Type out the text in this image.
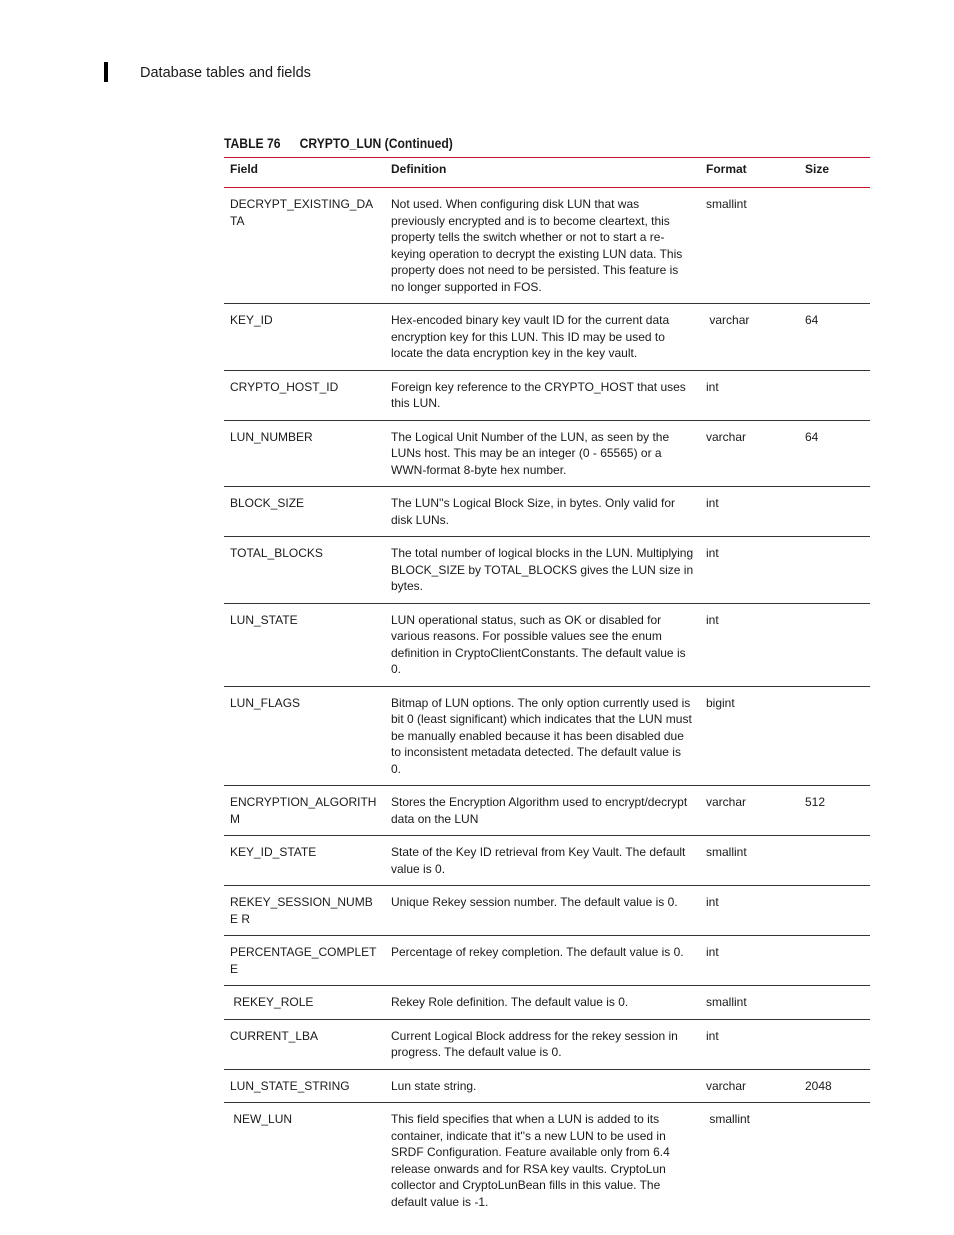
Database tables and fields
TABLE 76 CRYPTO_LUN (Continued)
Field	Definition	Format	Size
DECRYPT_EXISTING_DATA	Not used. When configuring disk LUN that was previously encrypted and is to become cleartext, this property tells the switch whether or not to start a re-keying operation to decrypt the existing LUN data. This property does not need to be persisted. This feature is no longer supported in FOS.	smallint	
KEY_ID	Hex-encoded binary key vault ID for the current data encryption key for this LUN. This ID may be used to locate the data encryption key in the key vault.	varchar	64
CRYPTO_HOST_ID	Foreign key reference to the CRYPTO_HOST that uses this LUN.	int	
LUN_NUMBER	The Logical Unit Number of the LUN, as seen by the LUNs host. This may be an integer (0 - 65565) or a WWN-format 8-byte hex number.	varchar	64
BLOCK_SIZE	The LUN''s Logical Block Size, in bytes. Only valid for disk LUNs.	int	
TOTAL_BLOCKS	The total number of logical blocks in the LUN. Multiplying BLOCK_SIZE by TOTAL_BLOCKS gives the LUN size in bytes.	int	
LUN_STATE	LUN operational status, such as OK or disabled for various reasons. For possible values see the enum definition in CryptoClientConstants. The default value is 0.	int	
LUN_FLAGS	Bitmap of LUN options. The only option currently used is bit 0 (least significant) which indicates that the LUN must be manually enabled because it has been disabled due to inconsistent metadata detected. The default value is 0.	bigint	
ENCRYPTION_ALGORITHM	Stores the Encryption Algorithm used to encrypt/decrypt data on the LUN	varchar	512
KEY_ID_STATE	State of the Key ID retrieval from Key Vault. The default value is 0.	smallint	
REKEY_SESSION_NUMBE R	Unique Rekey session number. The default value is 0.	int	
PERCENTAGE_COMPLETE	Percentage of rekey completion. The default value is 0.	int	
REKEY_ROLE	Rekey Role definition. The default value is 0.	smallint	
CURRENT_LBA	Current Logical Block address for the rekey session in progress. The default value is 0.	int	
LUN_STATE_STRING	Lun state string.	varchar	2048
NEW_LUN	This field specifies that when a LUN is added to its container, indicate that it''s a new LUN to be used in SRDF Configuration. Feature available only from 6.4 release onwards and for RSA key vaults. CryptoLun collector and CryptoLunBean fills in this value. The default value is -1.	smallint	
